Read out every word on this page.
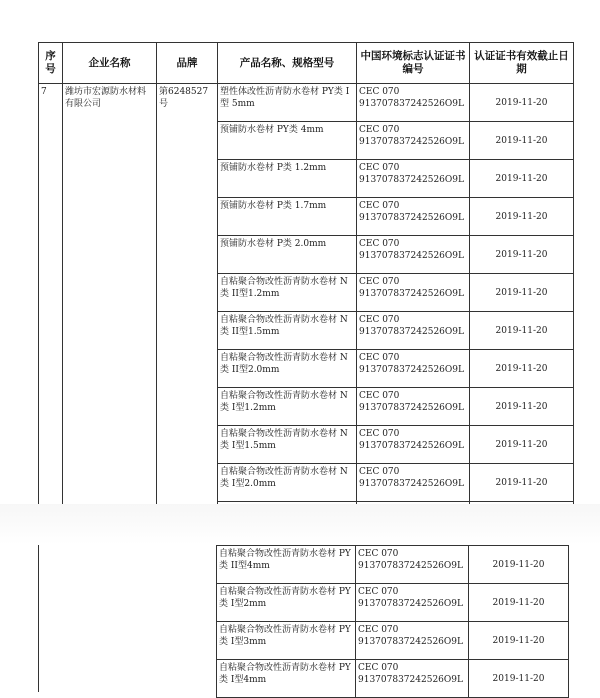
序号	企业名称	品牌	产品名称、规格型号	中国环境标志认证证书编号	认证证书有效截止日期
7	潍坊市宏源防水材料有限公司	第6248527号	塑性体改性沥青防水卷材 PY类 I型 5mm	CEC 070
913707837242526O9L	2019-11-20
			预铺防水卷材 PY类 4mm	CEC 070
913707837242526O9L	2019-11-20
			预铺防水卷材 P类 1.2mm	CEC 070
913707837242526O9L	2019-11-20
			预铺防水卷材 P类 1.7mm	CEC 070
913707837242526O9L	2019-11-20
			预铺防水卷材 P类 2.0mm	CEC 070
913707837242526O9L	2019-11-20
			自粘聚合物改性沥青防水卷材 N类 II型1.2mm	CEC 070
913707837242526O9L	2019-11-20
			自粘聚合物改性沥青防水卷材 N类 II型1.5mm	CEC 070
913707837242526O9L	2019-11-20
			自粘聚合物改性沥青防水卷材 N类 II型2.0mm	CEC 070
913707837242526O9L	2019-11-20
			自粘聚合物改性沥青防水卷材 N类 I型1.2mm	CEC 070
913707837242526O9L	2019-11-20
			自粘聚合物改性沥青防水卷材 N类 I型1.5mm	CEC 070
913707837242526O9L	2019-11-20
			自粘聚合物改性沥青防水卷材 N类 I型2.0mm	CEC 070
913707837242526O9L	2019-11-20

自粘聚合物改性沥青防水卷材 PY类 II型4mm	CEC 070
913707837242526O9L	2019-11-20
自粘聚合物改性沥青防水卷材 PY类 I型2mm	CEC 070
913707837242526O9L	2019-11-20
自粘聚合物改性沥青防水卷材 PY类 I型3mm	CEC 070
913707837242526O9L	2019-11-20
自粘聚合物改性沥青防水卷材 PY类 I型4mm	CEC 070
913707837242526O9L	2019-11-20
